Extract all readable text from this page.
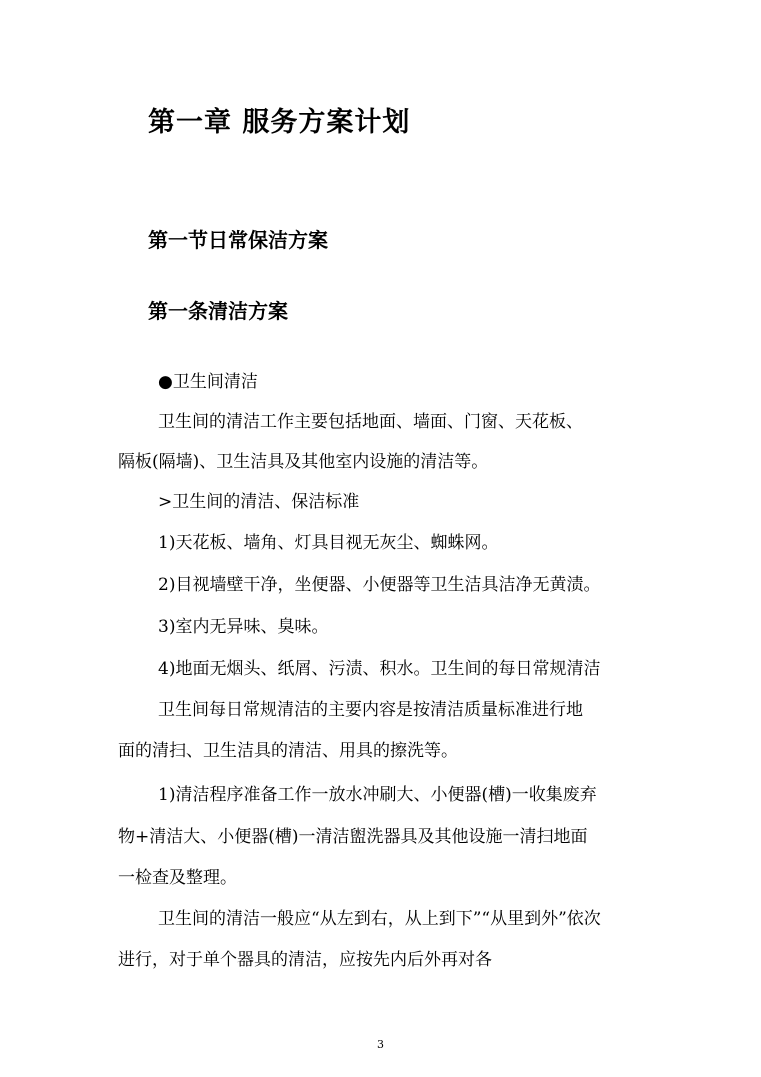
第一章 服务方案计划
第一节日常保洁方案
第一条清洁方案

●卫生间清洁

卫生间的清洁工作主要包括地面、墙面、门窗、天花板、

隔板(隔墙)、卫生洁具及其他室内设施的清洁等。

>卫生间的清洁、保洁标准

1)天花板、墙角、灯具目视无灰尘、蜘蛛网。

2)目视墙壁干净，坐便器、小便器等卫生洁具洁净无黄渍。

3)室内无异味、臭味。

4)地面无烟头、纸屑、污渍、积水。卫生间的每日常规清洁

卫生间每日常规清洁的主要内容是按清洁质量标准进行地

面的清扫、卫生洁具的清洁、用具的擦洗等。

1)清洁程序准备工作一放水冲刷大、小便器(槽)一收集废弃

物+清洁大、小便器(槽)一清洁盥洗器具及其他设施一清扫地面

一检查及整理。

卫生间的清洁一般应“从左到右，从上到下”“从里到外”依次

进行，对于单个器具的清洁，应按先内后外再对各

3
